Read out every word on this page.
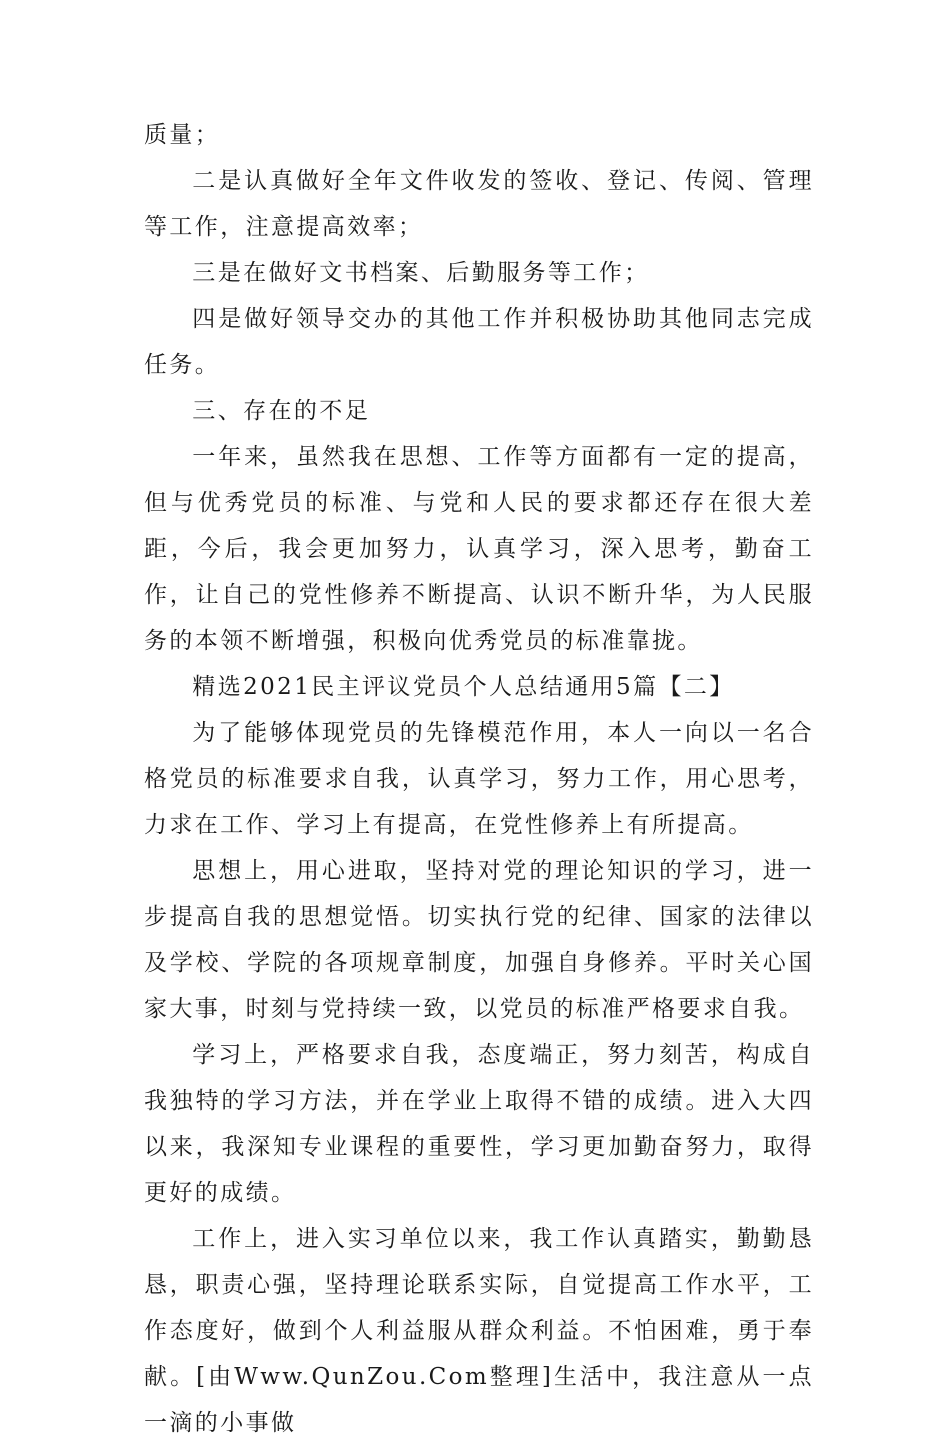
质量；

二是认真做好全年文件收发的签收、登记、传阅、管理等工作，注意提高效率；

三是在做好文书档案、后勤服务等工作；

四是做好领导交办的其他工作并积极协助其他同志完成任务。

三、存在的不足

一年来，虽然我在思想、工作等方面都有一定的提高，但与优秀党员的标准、与党和人民的要求都还存在很大差距，今后，我会更加努力，认真学习，深入思考，勤奋工作，让自己的党性修养不断提高、认识不断升华，为人民服务的本领不断增强，积极向优秀党员的标准靠拢。

精选2021民主评议党员个人总结通用5篇【二】

为了能够体现党员的先锋模范作用，本人一向以一名合格党员的标准要求自我，认真学习，努力工作，用心思考，力求在工作、学习上有提高，在党性修养上有所提高。

思想上，用心进取，坚持对党的理论知识的学习，进一步提高自我的思想觉悟。切实执行党的纪律、国家的法律以及学校、学院的各项规章制度，加强自身修养。平时关心国家大事，时刻与党持续一致，以党员的标准严格要求自我。

学习上，严格要求自我，态度端正，努力刻苦，构成自我独特的学习方法，并在学业上取得不错的成绩。进入大四以来，我深知专业课程的重要性，学习更加勤奋努力，取得更好的成绩。

工作上，进入实习单位以来，我工作认真踏实，勤勤恳恳，职责心强，坚持理论联系实际，自觉提高工作水平，工作态度好，做到个人利益服从群众利益。不怕困难，勇于奉献。[由Www.QunZou.Com整理]生活中，我注意从一点一滴的小事做
